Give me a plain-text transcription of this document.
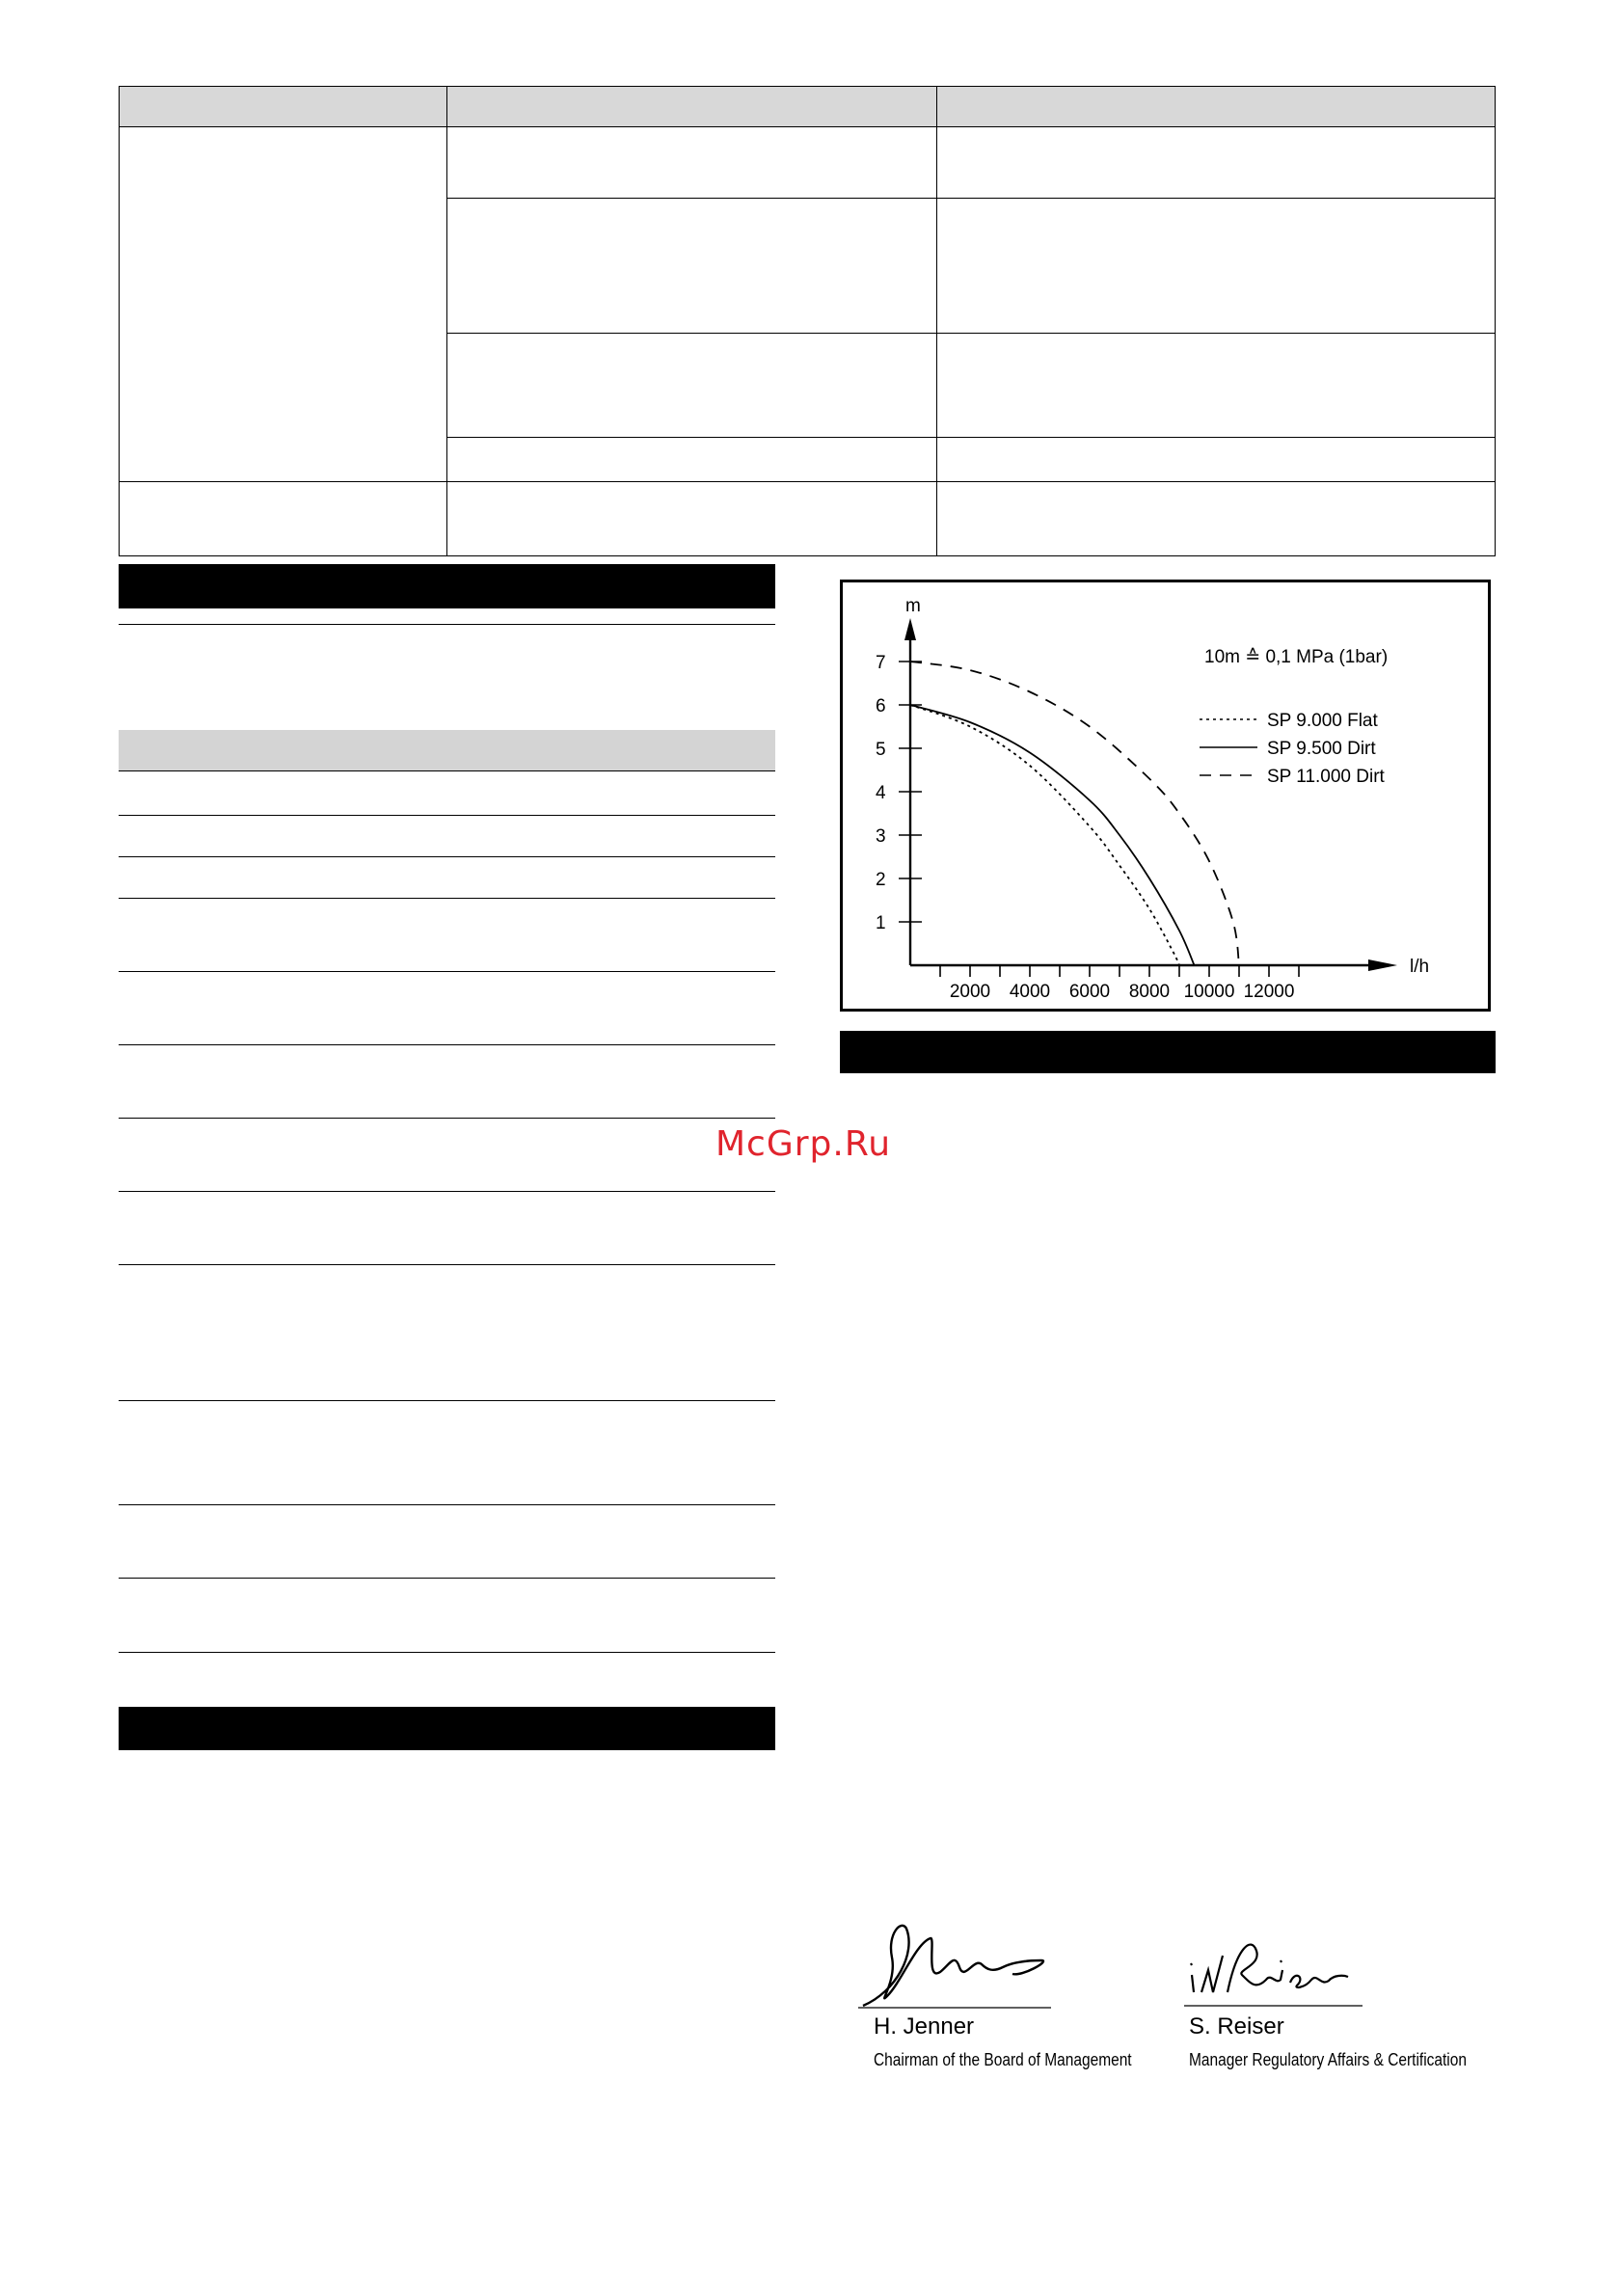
1
2
3
4
5
6
7
2000 4000 6000 8000 10000 12000
SP 9.000 Flat
SP 9.500 Dirt
SP 11.000 Dirt
m
l/h
10m ≙ 0,1 MPa (1bar)
McGrp.Ru
H. Jenner
Chairman of the Board of Management
S. Reiser
Manager Regulatory Affairs & Certification
